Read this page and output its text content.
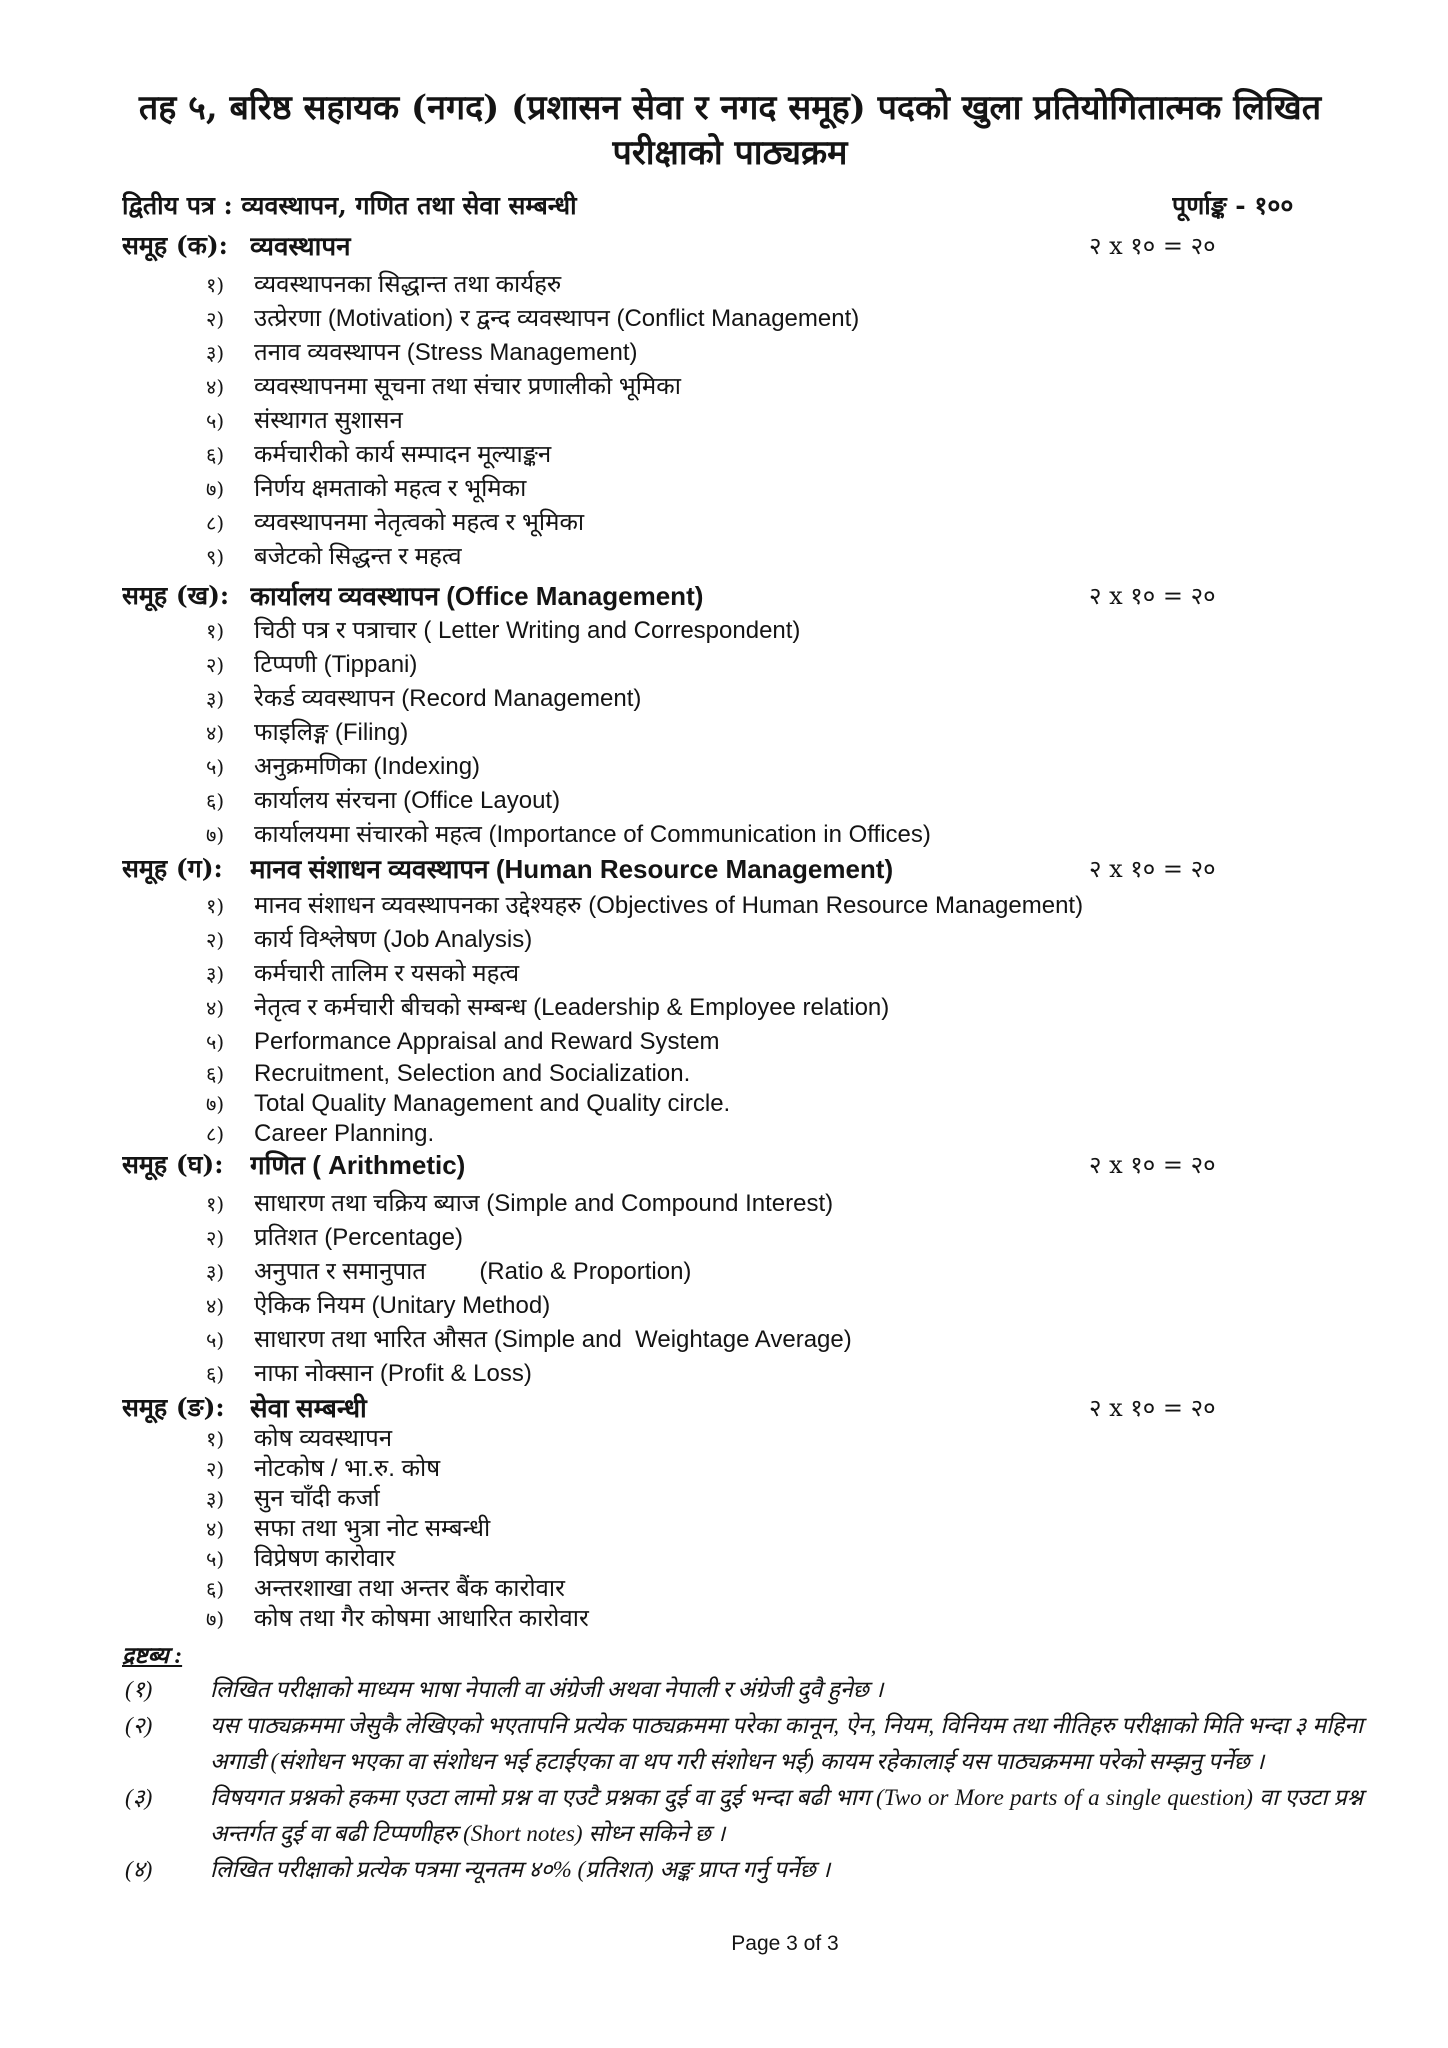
तह ५, बरिष्ठ सहायक (नगद) (प्रशासन सेवा र नगद समूह) पदको खुला प्रतियोगितात्मक लिखित
परीक्षाको पाठ्यक्रम
द्वितीय पत्र : व्यवस्थापन, गणित तथा सेवा सम्बन्धी	पूर्णाङ्क - १००
समूह (क): व्यवस्थापन	२ x १० = २०
१)	व्यवस्थापनका सिद्धान्त तथा कार्यहरु
२)	उत्प्रेरणा (Motivation) र द्वन्द व्यवस्थापन (Conflict Management)
३)	तनाव व्यवस्थापन (Stress Management)
४)	व्यवस्थापनमा सूचना तथा संचार प्रणालीको भूमिका
५)	संस्थागत सुशासन
६)	कर्मचारीको कार्य सम्पादन मूल्याङ्कन
७)	निर्णय क्षमताको महत्व र भूमिका
८)	व्यवस्थापनमा नेतृत्वको महत्व र भूमिका
९)	बजेटको सिद्धन्त र महत्व
समूह (ख): कार्यालय व्यवस्थापन (Office Management)	२ x १० = २०
१)	चिठी पत्र र पत्राचार ( Letter Writing and Correspondent)
२)	टिप्पणी (Tippani)
३)	रेकर्ड व्यवस्थापन (Record Management)
४)	फाइलिङ्ग (Filing)
५)	अनुक्रमणिका (Indexing)
६)	कार्यालय संरचना (Office Layout)
७)	कार्यालयमा संचारको महत्व (Importance of Communication in Offices)
समूह (ग):	मानव संशाधन व्यवस्थापन (Human Resource Management)	२ x १० = २०
१)	मानव संशाधन व्यवस्थापनका उद्देश्यहरु (Objectives of Human Resource Management)
२)	कार्य विश्लेषण (Job Analysis)
३)	कर्मचारी तालिम र यसको महत्व
४)	नेतृत्व र कर्मचारी बीचको सम्बन्ध (Leadership & Employee relation)
५)	Performance Appraisal and Reward System
६)	Recruitment, Selection and Socialization.
७)	Total Quality Management and Quality circle.
८)	Career Planning.
समूह (घ):	गणित ( Arithmetic)	२ x १० = २०
१)	साधारण तथा चक्रिय ब्याज (Simple and Compound Interest)
२)	प्रतिशत (Percentage)
३)	अनुपात र समानुपात        (Ratio & Proportion)
४)	ऐकिक नियम (Unitary Method)
५)	साधारण तथा भारित औसत (Simple and  Weightage Average)
६)	नाफा नोक्सान (Profit & Loss)
समूह (ङ): सेवा सम्बन्धी	२ x १० = २०
१)	कोष व्यवस्थापन
२)	नोटकोष / भा.रु. कोष
३)	सुन चाँदी कर्जा
४)	सफा तथा भुत्रा नोट सम्बन्धी
५)	विप्रेषण कारोवार
६)	अन्तरशाखा तथा अन्तर बैंक कारोवार
७)	कोष तथा गैर कोषमा आधारित कारोवार
द्रष्टब्य :
(१)	लिखित परीक्षाको माध्यम भाषा नेपाली वा अंग्रेजी अथवा नेपाली र अंग्रेजी दुवै हुनेछ ।
(२)	यस पाठ्यक्रममा जेसुकै लेखिएको भएतापनि प्रत्येक पाठ्यक्रममा परेका कानून, ऐन, नियम, विनियम तथा नीतिहरु परीक्षाको मिति भन्दा ३ महिना अगाडी (संशोधन भएका वा संशोधन भई हटाईएका वा थप गरी संशोधन भई) कायम रहेकालाई यस पाठ्यक्रममा परेको सम्झनु पर्नेछ ।
(३)	विषयगत प्रश्नको हकमा एउटा लामो प्रश्न वा एउटै प्रश्नका दुई वा दुई भन्दा बढी भाग (Two or More parts of a single question) वा एउटा प्रश्न अन्तर्गत दुई वा बढी टिप्पणीहरु (Short notes) सोध्न सकिने छ ।
(४)	लिखित परीक्षाको प्रत्येक पत्रमा न्यूनतम ४०% (प्रतिशत) अङ्क प्राप्त गर्नु पर्नेछ ।
Page 3 of 3
